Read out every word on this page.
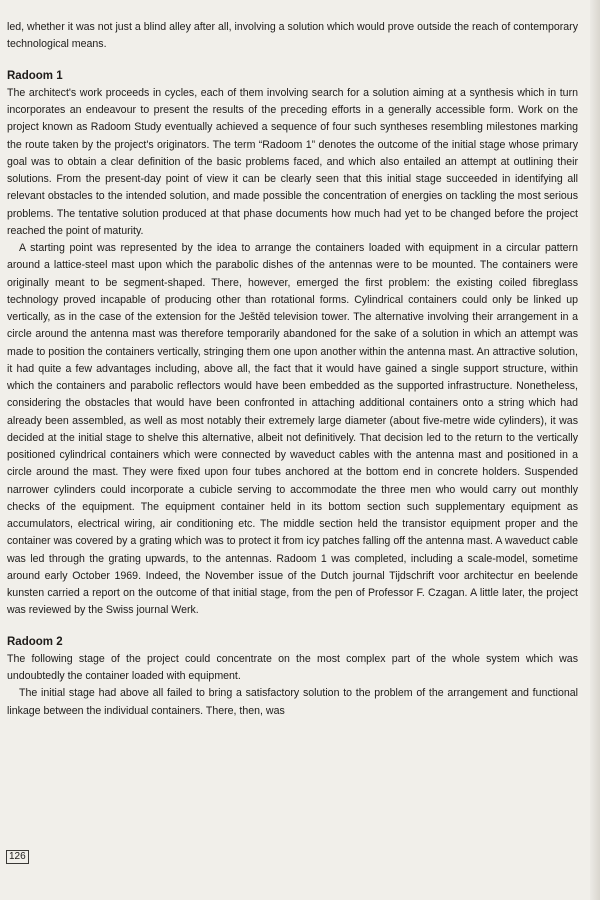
led, whether it was not just a blind alley after all, involving a solution which would prove outside the reach of contemporary technological means.

Radoom 1

The architect's work proceeds in cycles, each of them involving search for a solution aiming at a synthesis which in turn incorporates an endeavour to present the results of the preceding efforts in a generally accessible form. Work on the project known as Radoom Study eventually achieved a sequence of four such syntheses resembling milestones marking the route taken by the project's originators. The term “Radoom 1” denotes the outcome of the initial stage whose primary goal was to obtain a clear definition of the basic problems faced, and which also entailed an attempt at outlining their solutions. From the present-day point of view it can be clearly seen that this initial stage succeeded in identifying all relevant obstacles to the intended solution, and made possible the concentration of energies on tackling the most serious problems. The tentative solution produced at that phase documents how much had yet to be changed before the project reached the point of maturity.

A starting point was represented by the idea to arrange the containers loaded with equipment in a circular pattern around a lattice-steel mast upon which the parabolic dishes of the antennas were to be mounted. The containers were originally meant to be segment-shaped. There, however, emerged the first problem: the existing coiled fibreglass technology proved incapable of producing other than rotational forms. Cylindrical containers could only be linked up vertically, as in the case of the extension for the Ještěd television tower. The alternative involving their arrangement in a circle around the antenna mast was therefore temporarily abandoned for the sake of a solution in which an attempt was made to position the containers vertically, stringing them one upon another within the antenna mast. An attractive solution, it had quite a few advantages including, above all, the fact that it would have gained a single support structure, within which the containers and parabolic reflectors would have been embedded as the supported infrastructure. Nonetheless, considering the obstacles that would have been confronted in attaching additional containers onto a string which had already been assembled, as well as most notably their extremely large diameter (about five-metre wide cylinders), it was decided at the initial stage to shelve this alternative, albeit not definitively. That decision led to the return to the vertically positioned cylindrical containers which were connected by waveduct cables with the antenna mast and positioned in a circle around the mast. They were fixed upon four tubes anchored at the bottom end in concrete holders. Suspended narrower cylinders could incorporate a cubicle serving to accommodate the three men who would carry out monthly checks of the equipment. The equipment container held in its bottom section such supplementary equipment as accumulators, electrical wiring, air conditioning etc. The middle section held the transistor equipment proper and the container was covered by a grating which was to protect it from icy patches falling off the antenna mast. A waveduct cable was led through the grating upwards, to the antennas. Radoom 1 was completed, including a scale-model, sometime around early October 1969. Indeed, the November issue of the Dutch journal Tijdschrift voor architectur en beelende kunsten carried a report on the outcome of that initial stage, from the pen of Professor F. Czagan. A little later, the project was reviewed by the Swiss journal Werk.

Radoom 2

The following stage of the project could concentrate on the most complex part of the whole system which was undoubtedly the container loaded with equipment.

The initial stage had above all failed to bring a satisfactory solution to the problem of the arrangement and functional linkage between the individual containers. There, then, was

126
